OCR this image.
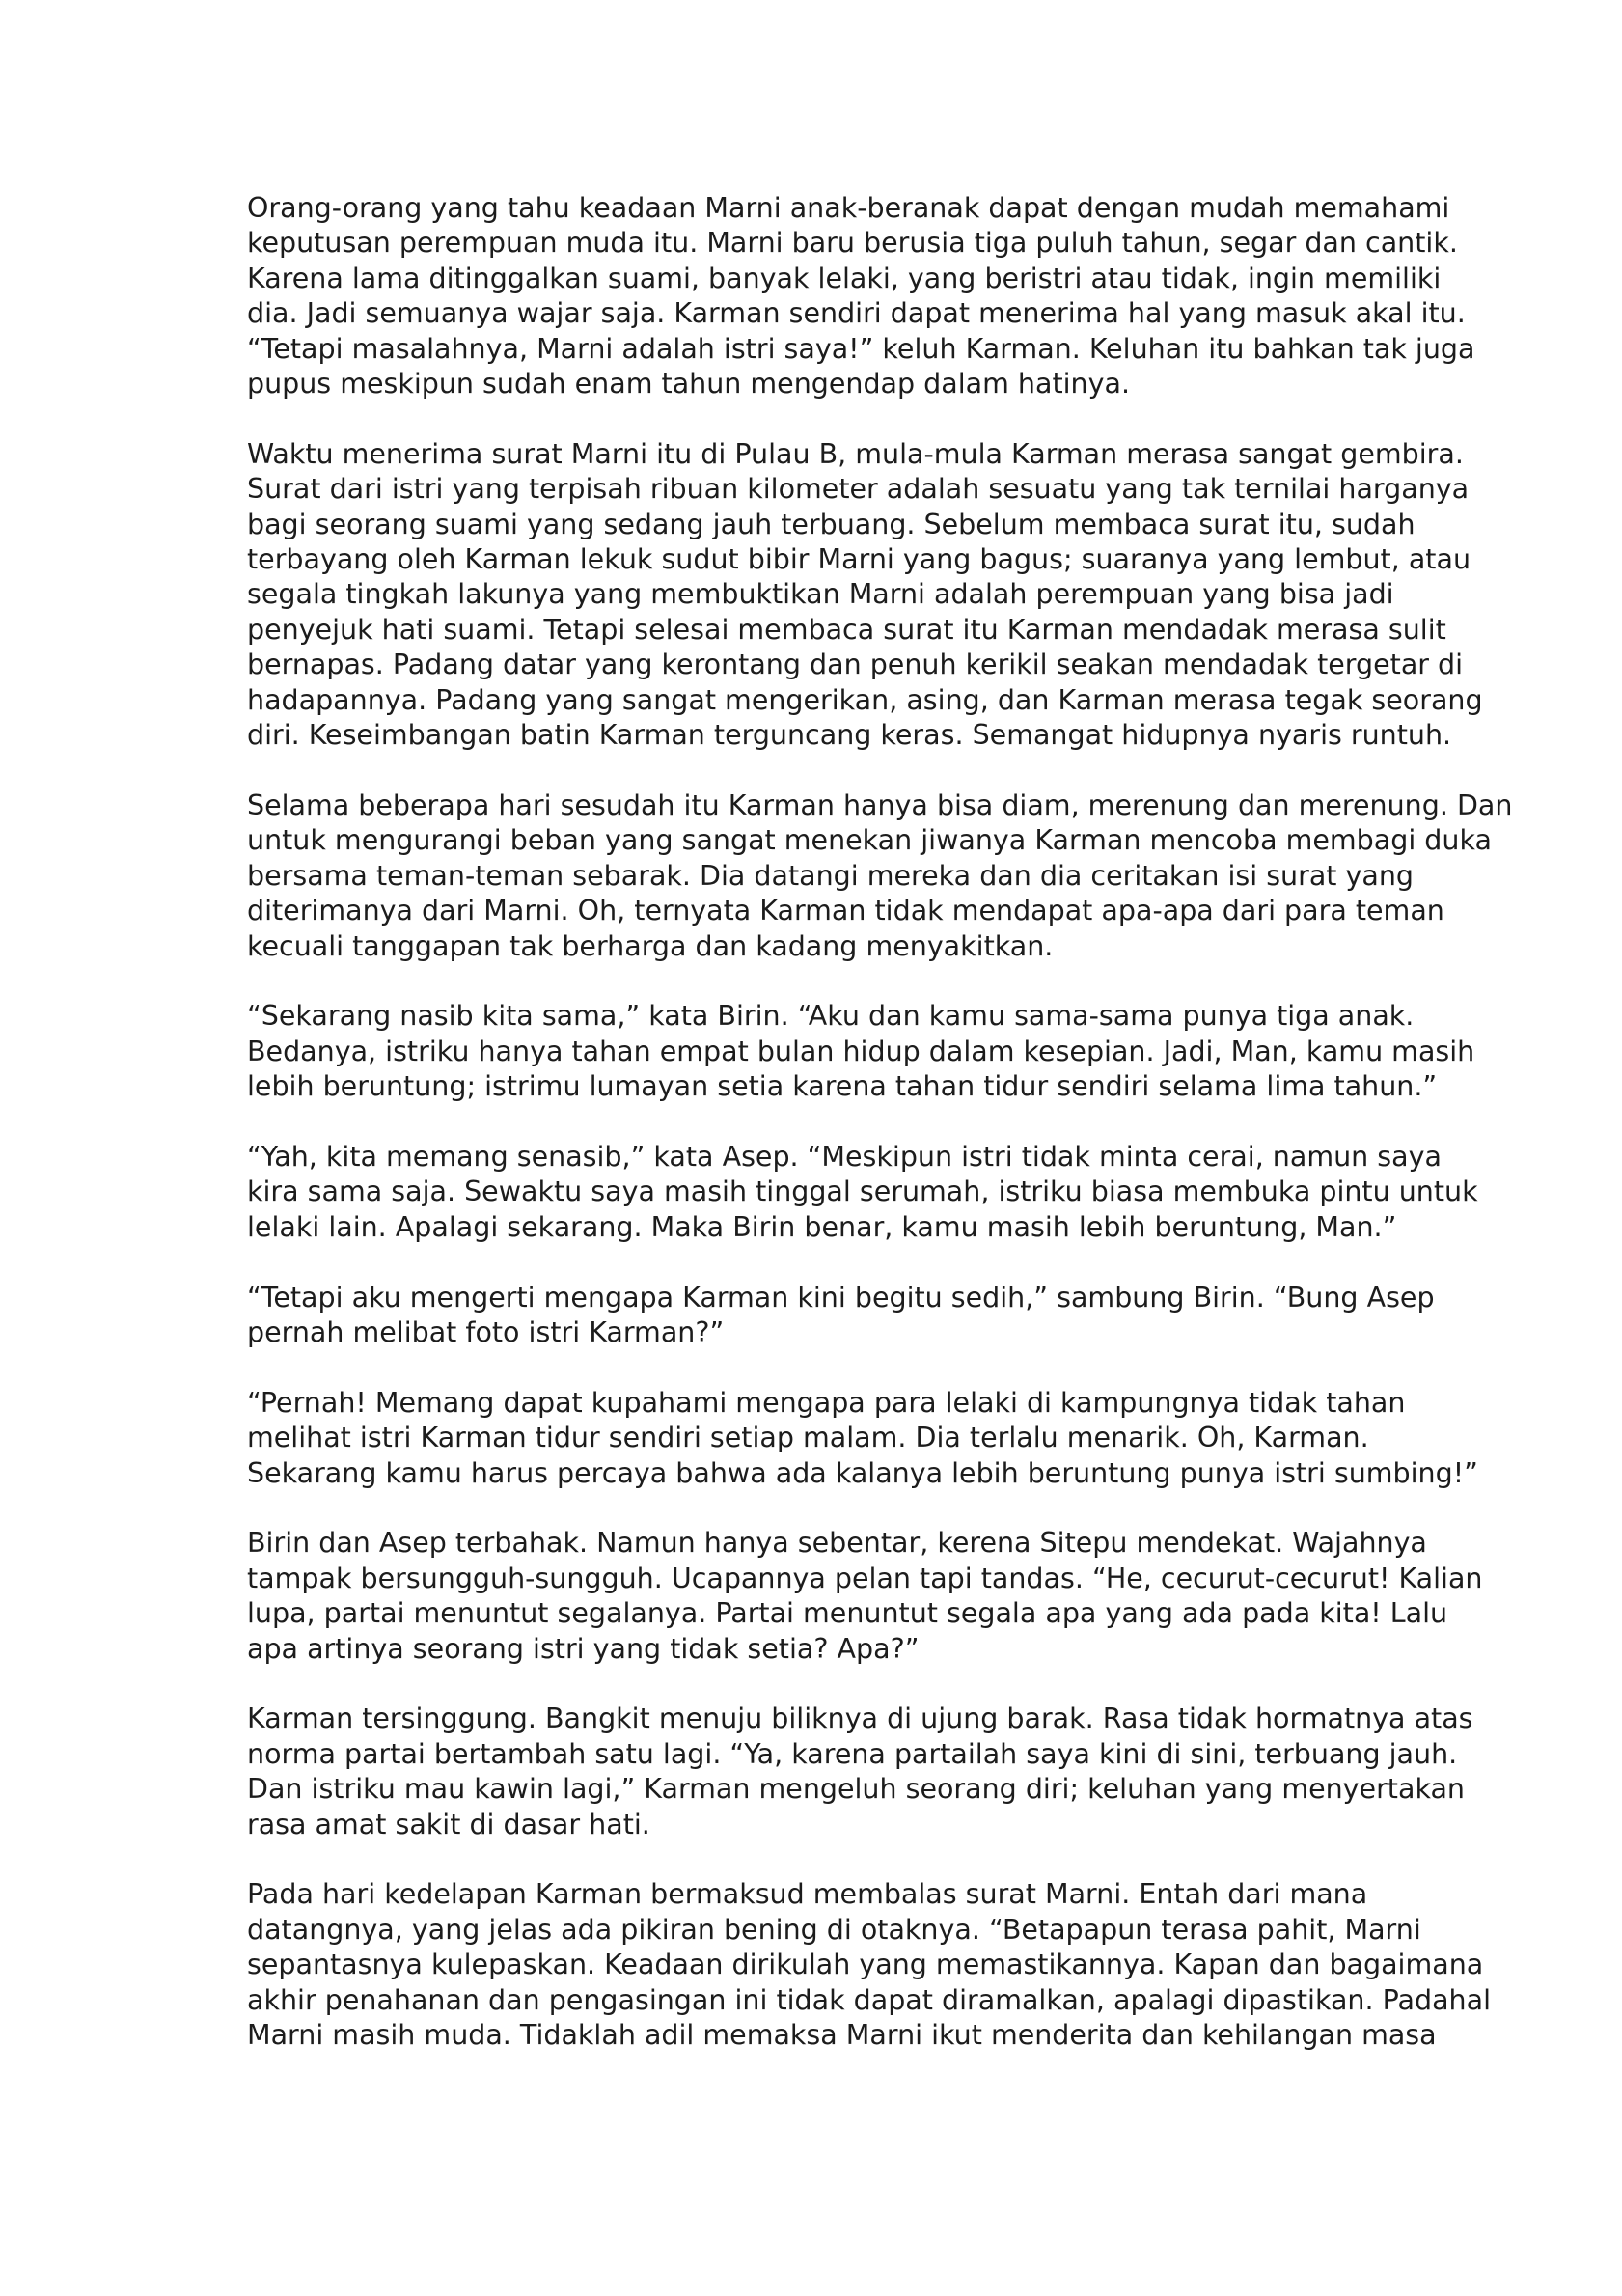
Orang-orang yang tahu keadaan Marni anak-beranak dapat dengan mudah memahami
keputusan perempuan muda itu. Marni baru berusia tiga puluh tahun, segar dan cantik.
Karena lama ditinggalkan suami, banyak lelaki, yang beristri atau tidak, ingin memiliki
dia. Jadi semuanya wajar saja. Karman sendiri dapat menerima hal yang masuk akal itu.
“Tetapi masalahnya, Marni adalah istri saya!” keluh Karman. Keluhan itu bahkan tak juga
pupus meskipun sudah enam tahun mengendap dalam hatinya.

Waktu menerima surat Marni itu di Pulau B, mula-mula Karman merasa sangat gembira.
Surat dari istri yang terpisah ribuan kilometer adalah sesuatu yang tak ternilai harganya
bagi seorang suami yang sedang jauh terbuang. Sebelum membaca surat itu, sudah
terbayang oleh Karman lekuk sudut bibir Marni yang bagus; suaranya yang lembut, atau
segala tingkah lakunya yang membuktikan Marni adalah perempuan yang bisa jadi
penyejuk hati suami. Tetapi selesai membaca surat itu Karman mendadak merasa sulit
bernapas. Padang datar yang kerontang dan penuh kerikil seakan mendadak tergetar di
hadapannya. Padang yang sangat mengerikan, asing, dan Karman merasa tegak seorang
diri. Keseimbangan batin Karman terguncang keras. Semangat hidupnya nyaris runtuh.

Selama beberapa hari sesudah itu Karman hanya bisa diam, merenung dan merenung. Dan
untuk mengurangi beban yang sangat menekan jiwanya Karman mencoba membagi duka
bersama teman-teman sebarak. Dia datangi mereka dan dia ceritakan isi surat yang
diterimanya dari Marni. Oh, ternyata Karman tidak mendapat apa-apa dari para teman
kecuali tanggapan tak berharga dan kadang menyakitkan.

“Sekarang nasib kita sama,” kata Birin. “Aku dan kamu sama-sama punya tiga anak.
Bedanya, istriku hanya tahan empat bulan hidup dalam kesepian. Jadi, Man, kamu masih
lebih beruntung; istrimu lumayan setia karena tahan tidur sendiri selama lima tahun.”

“Yah, kita memang senasib,” kata Asep. “Meskipun istri tidak minta cerai, namun saya
kira sama saja. Sewaktu saya masih tinggal serumah, istriku biasa membuka pintu untuk
lelaki lain. Apalagi sekarang. Maka Birin benar, kamu masih lebih beruntung, Man.”

“Tetapi aku mengerti mengapa Karman kini begitu sedih,” sambung Birin. “Bung Asep
pernah melibat foto istri Karman?”

“Pernah! Memang dapat kupahami mengapa para lelaki di kampungnya tidak tahan
melihat istri Karman tidur sendiri setiap malam. Dia terlalu menarik. Oh, Karman.
Sekarang kamu harus percaya bahwa ada kalanya lebih beruntung punya istri sumbing!”

Birin dan Asep terbahak. Namun hanya sebentar, kerena Sitepu mendekat. Wajahnya
tampak bersungguh-sungguh. Ucapannya pelan tapi tandas. “He, cecurut-cecurut! Kalian
lupa, partai menuntut segalanya. Partai menuntut segala apa yang ada pada kita! Lalu
apa artinya seorang istri yang tidak setia? Apa?”

Karman tersinggung. Bangkit menuju biliknya di ujung barak. Rasa tidak hormatnya atas
norma partai bertambah satu lagi. “Ya, karena partailah saya kini di sini, terbuang jauh.
Dan istriku mau kawin lagi,” Karman mengeluh seorang diri; keluhan yang menyertakan
rasa amat sakit di dasar hati.

Pada hari kedelapan Karman bermaksud membalas surat Marni. Entah dari mana
datangnya, yang jelas ada pikiran bening di otaknya. “Betapapun terasa pahit, Marni
sepantasnya kulepaskan. Keadaan dirikulah yang memastikannya. Kapan dan bagaimana
akhir penahanan dan pengasingan ini tidak dapat diramalkan, apalagi dipastikan. Padahal
Marni masih muda. Tidaklah adil memaksa Marni ikut menderita dan kehilangan masa
